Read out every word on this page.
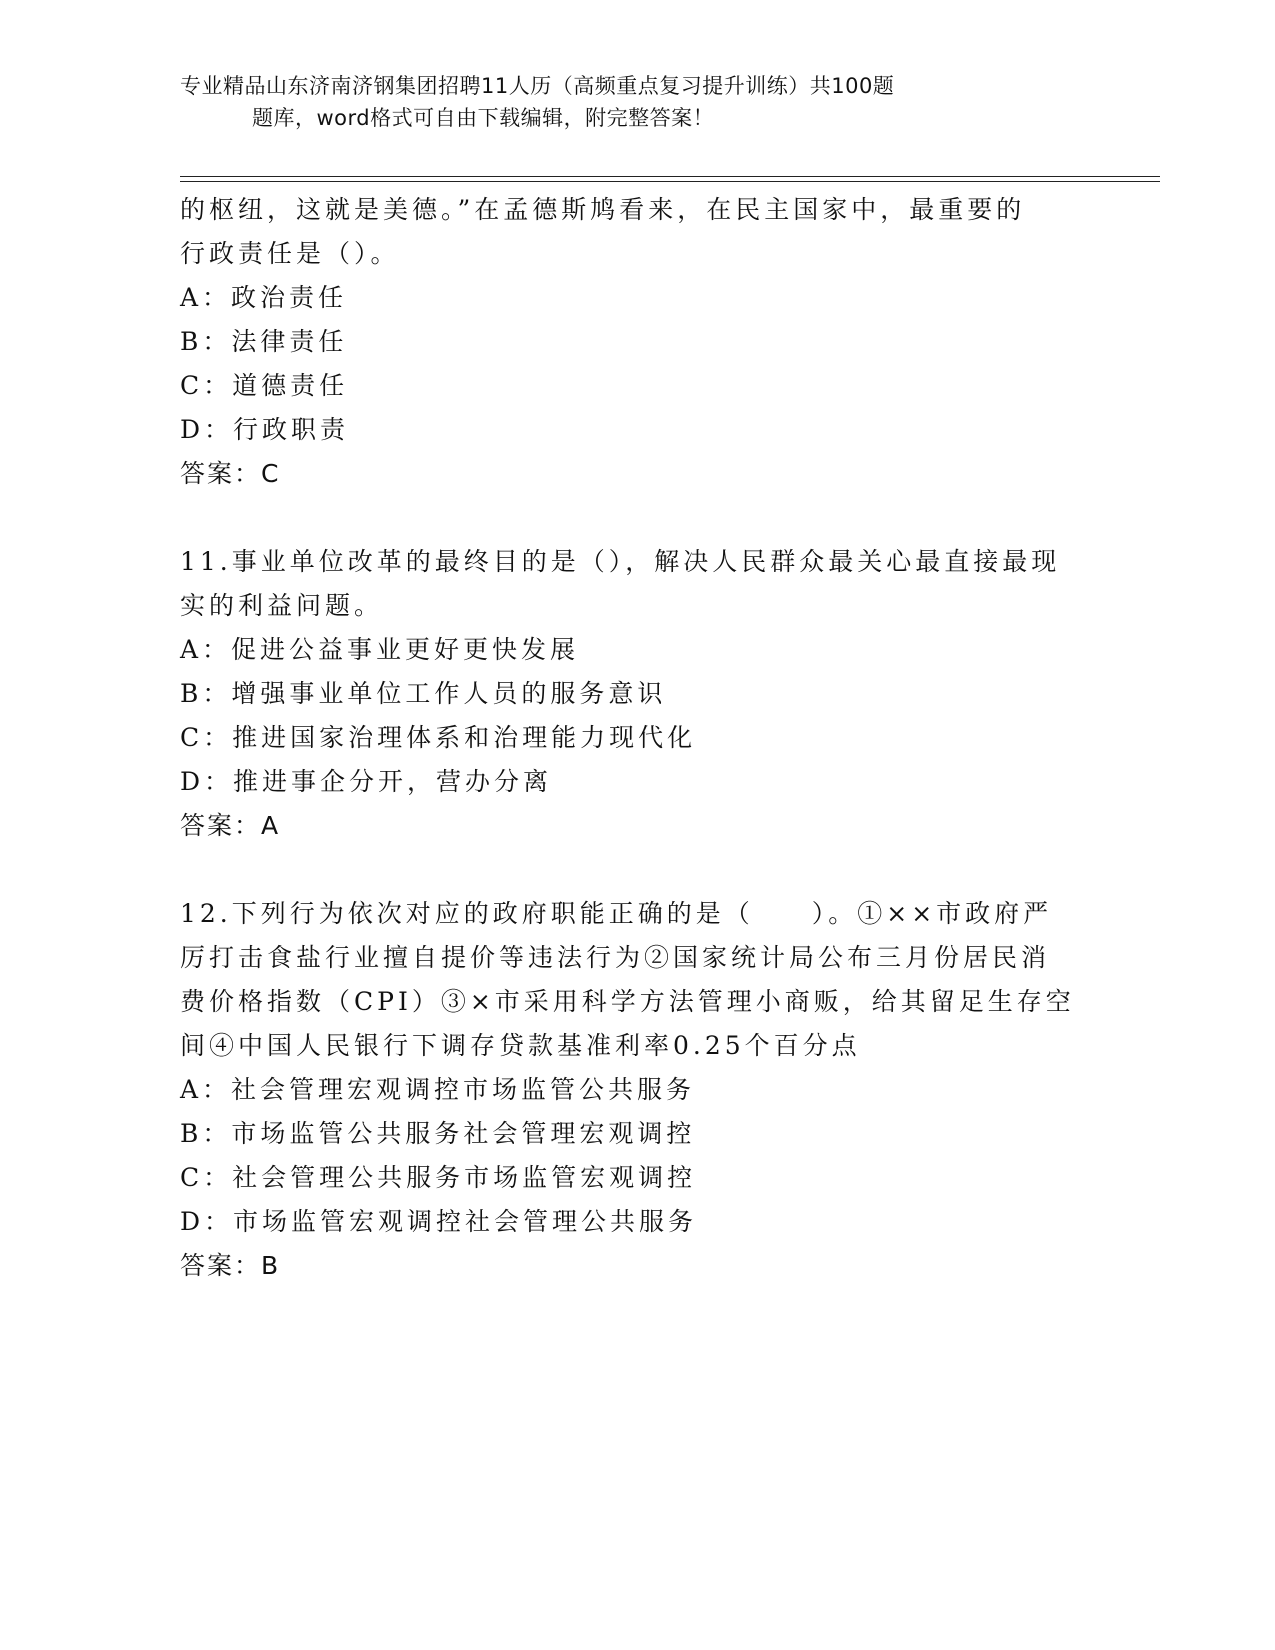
专业精品山东济南济钢集团招聘11人历（高频重点复习提升训练）共100题
题库，word格式可自由下载编辑，附完整答案！

的枢纽，这就是美德。”在孟德斯鸠看来，在民主国家中，最重要的

行政责任是（）。

A：政治责任

B：法律责任

C：道德责任

D：行政职责

答案：C

11.事业单位改革的最终目的是（），解决人民群众最关心最直接最现

实的利益问题。

A：促进公益事业更好更快发展

B：增强事业单位工作人员的服务意识

C：推进国家治理体系和治理能力现代化

D：推进事企分开，营办分离

答案：A

12.下列行为依次对应的政府职能正确的是（　　）。①××市政府严

厉打击食盐行业擅自提价等违法行为②国家统计局公布三月份居民消

费价格指数（CPI）③×市采用科学方法管理小商贩，给其留足生存空

间④中国人民银行下调存贷款基准利率0.25个百分点

A：社会管理宏观调控市场监管公共服务

B：市场监管公共服务社会管理宏观调控

C：社会管理公共服务市场监管宏观调控

D：市场监管宏观调控社会管理公共服务

答案：B
